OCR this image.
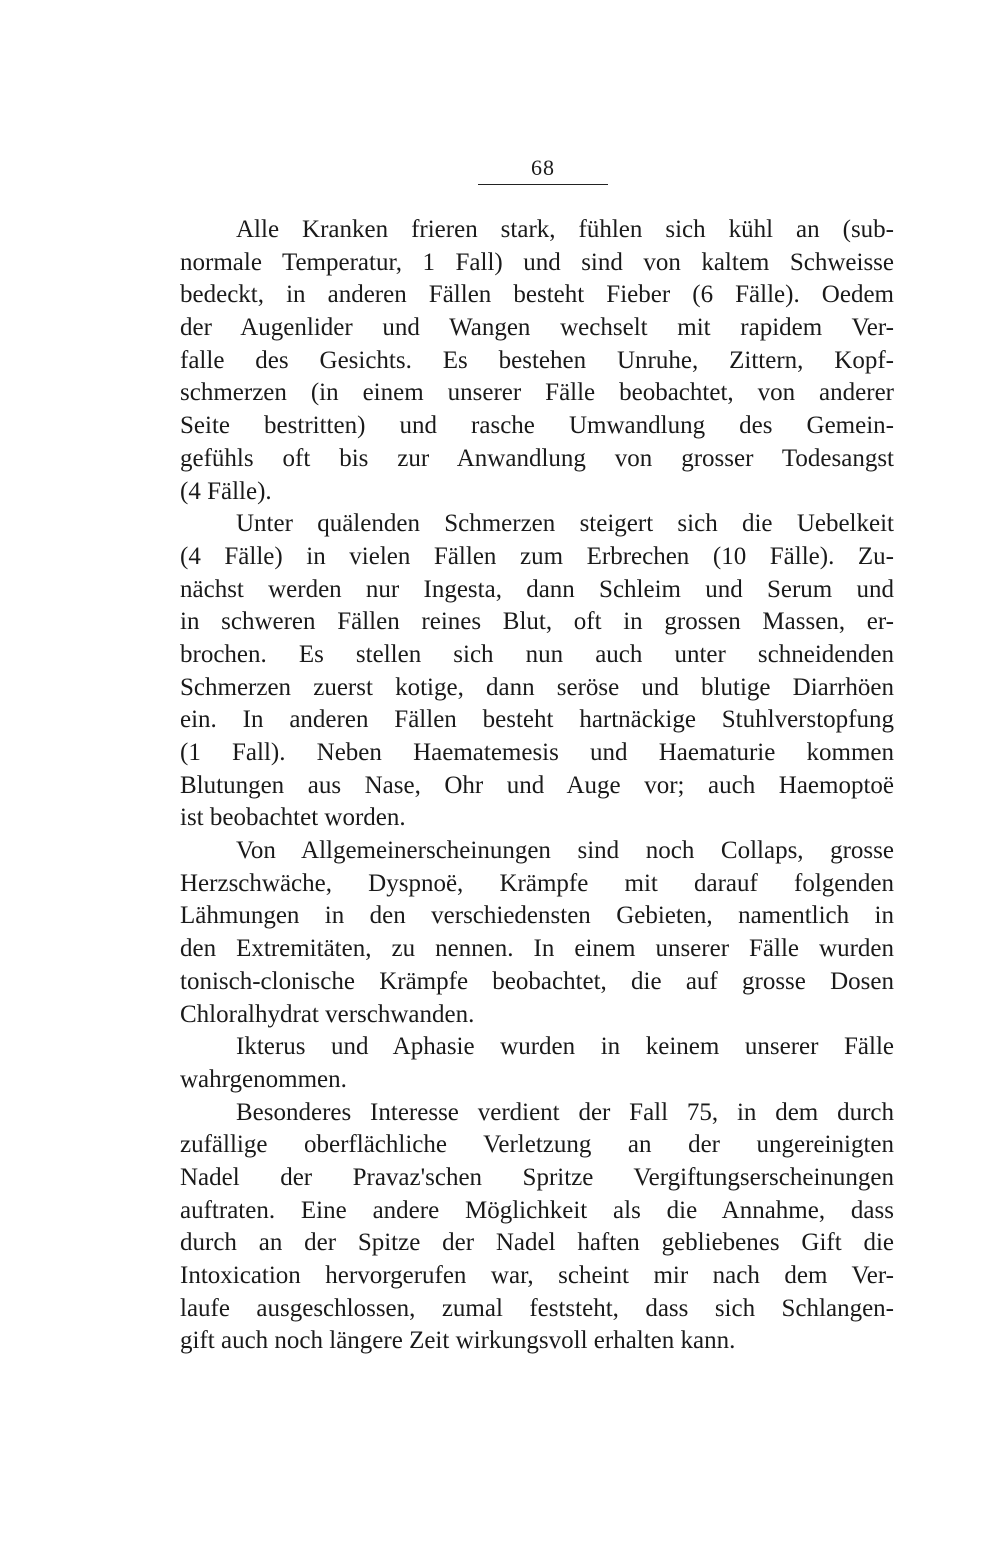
68
Alle Kranken frieren stark, fühlen sich kühl an (sub-
normale Temperatur, 1 Fall) und sind von kaltem Schweisse
bedeckt, in anderen Fällen besteht Fieber (6 Fälle). Oedem
der Augenlider und Wangen wechselt mit rapidem Ver-
falle des Gesichts. Es bestehen Unruhe, Zittern, Kopf-
schmerzen (in einem unserer Fälle beobachtet, von anderer
Seite bestritten) und rasche Umwandlung des Gemein-
gefühls oft bis zur Anwandlung von grosser Todesangst
(4 Fälle).
Unter quälenden Schmerzen steigert sich die Uebelkeit
(4 Fälle) in vielen Fällen zum Erbrechen (10 Fälle). Zu-
nächst werden nur Ingesta, dann Schleim und Serum und
in schweren Fällen reines Blut, oft in grossen Massen, er-
brochen. Es stellen sich nun auch unter schneidenden
Schmerzen zuerst kotige, dann seröse und blutige Diarrhöen
ein. In anderen Fällen besteht hartnäckige Stuhlverstopfung
(1 Fall). Neben Haematemesis und Haematurie kommen
Blutungen aus Nase, Ohr und Auge vor; auch Haemoptoë
ist beobachtet worden.
Von Allgemeinerscheinungen sind noch Collaps, grosse
Herzschwäche, Dyspnoë, Krämpfe mit darauf folgenden
Lähmungen in den verschiedensten Gebieten, namentlich in
den Extremitäten, zu nennen. In einem unserer Fälle wurden
tonisch-clonische Krämpfe beobachtet, die auf grosse Dosen
Chloralhydrat verschwanden.
Ikterus und Aphasie wurden in keinem unserer Fälle
wahrgenommen.
Besonderes Interesse verdient der Fall 75, in dem durch
zufällige oberflächliche Verletzung an der ungereinigten
Nadel der Pravaz'schen Spritze Vergiftungserscheinungen
auftraten. Eine andere Möglichkeit als die Annahme, dass
durch an der Spitze der Nadel haften gebliebenes Gift die
Intoxication hervorgerufen war, scheint mir nach dem Ver-
laufe ausgeschlossen, zumal feststeht, dass sich Schlangen-
gift auch noch längere Zeit wirkungsvoll erhalten kann.
